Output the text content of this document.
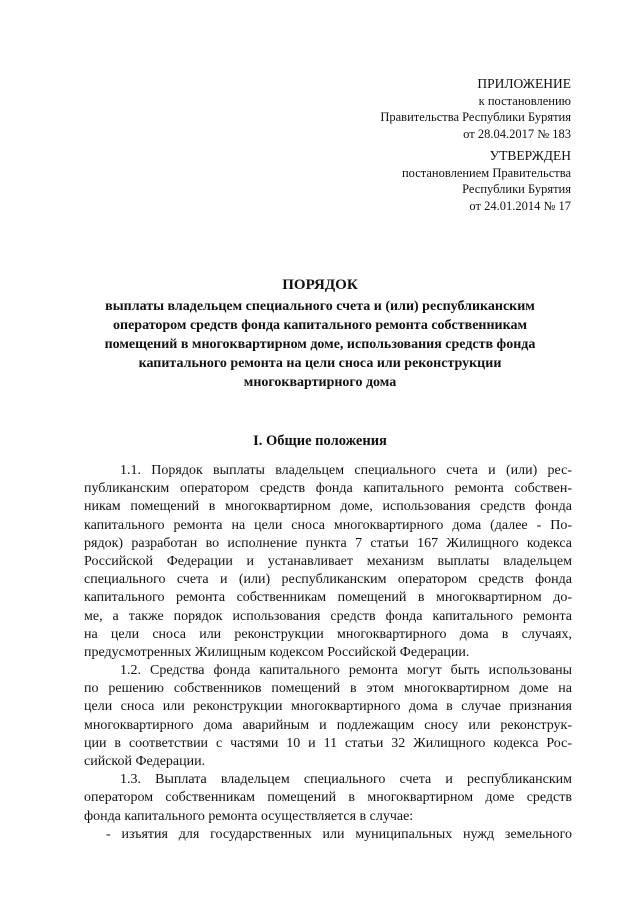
ПРИЛОЖЕНИЕ
к постановлению
Правительства Республики Бурятия
от 28.04.2017 № 183
УТВЕРЖДЕН
постановлением Правительства
Республики Бурятия
от 24.01.2014 № 17
ПОРЯДОК
выплаты владельцем специального счета и (или) республиканским
оператором средств фонда капитального ремонта собственникам
помещений в многоквартирном доме, использования средств фонда
капитального ремонта на цели сноса или реконструкции
многоквартирного дома
I. Общие положения
1.1. Порядок выплаты владельцем специального счета и (или) рес-
публиканским оператором средств фонда капитального ремонта собствен-
никам помещений в многоквартирном доме, использования средств фонда
капитального ремонта на цели сноса многоквартирного дома (далее - По-
рядок) разработан во исполнение пункта 7 статьи 167 Жилищного кодекса
Российской Федерации и устанавливает механизм выплаты владельцем
специального счета и (или) республиканским оператором средств фонда
капитального ремонта собственникам помещений в многоквартирном до-
ме, а также порядок использования средств фонда капитального ремонта
на цели сноса или реконструкции многоквартирного дома в случаях,
предусмотренных Жилищным кодексом Российской Федерации.
1.2. Средства фонда капитального ремонта могут быть использованы
по решению собственников помещений в этом многоквартирном доме на
цели сноса или реконструкции многоквартирного дома в случае признания
многоквартирного дома аварийным и подлежащим сносу или реконструк-
ции в соответствии с частями 10 и 11 статьи 32 Жилищного кодекса Рос-
сийской Федерации.
1.3. Выплата владельцем специального счета и республиканским
оператором собственникам помещений в многоквартирном доме средств
фонда капитального ремонта осуществляется в случае:
- изъятия для государственных или муниципальных нужд земельного
